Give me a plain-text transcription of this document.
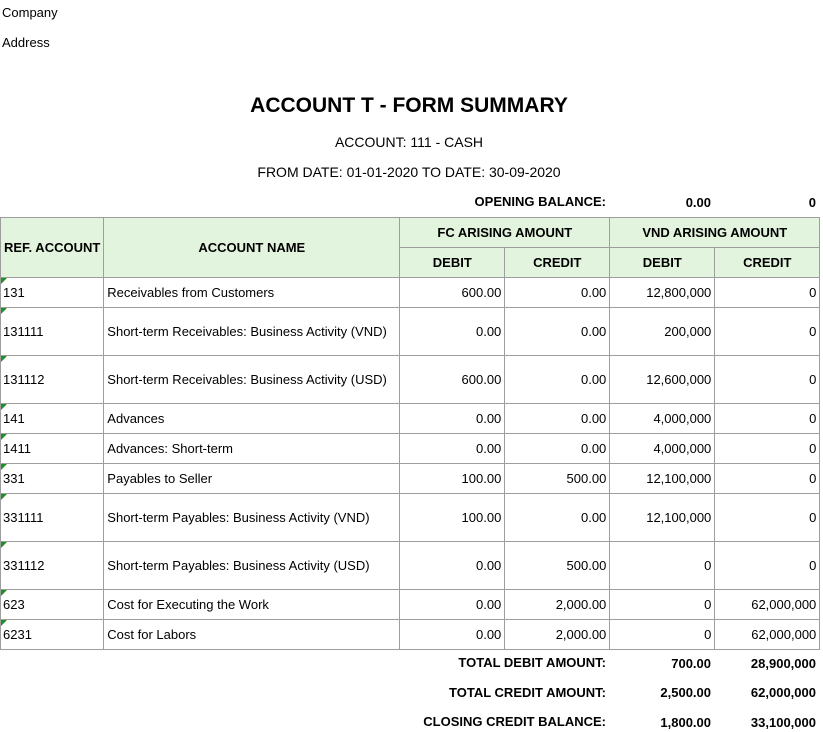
Company
Address
ACCOUNT T - FORM SUMMARY
ACCOUNT: 111 - CASH
FROM DATE: 01-01-2020 TO DATE: 30-09-2020
OPENING BALANCE:	0.00	0
REF. ACCOUNT	ACCOUNT NAME	FC ARISING AMOUNT		VND ARISING AMOUNT	
		DEBIT	CREDIT	DEBIT	CREDIT

131	Receivables from Customers	600.00	0.00	12,800,000	0

131111	Short-term Receivables: Business Activity (VND)	0.00	0.00	200,000	0

131112	Short-term Receivables: Business Activity (USD)	600.00	0.00	12,600,000	0

141	Advances	0.00	0.00	4,000,000	0

1411	Advances: Short-term	0.00	0.00	4,000,000	0

331	Payables to Seller	100.00	500.00	12,100,000	0

331111	Short-term Payables: Business Activity (VND)	100.00	0.00	12,100,000	0

331112	Short-term Payables: Business Activity (USD)	0.00	500.00	0	0

623	Cost for Executing the Work	0.00	2,000.00	0	62,000,000

6231	Cost for Labors	0.00	2,000.00	0	62,000,000
TOTAL DEBIT AMOUNT:	700.00	28,900,000
TOTAL CREDIT AMOUNT:	2,500.00	62,000,000
CLOSING CREDIT BALANCE:	1,800.00	33,100,000
